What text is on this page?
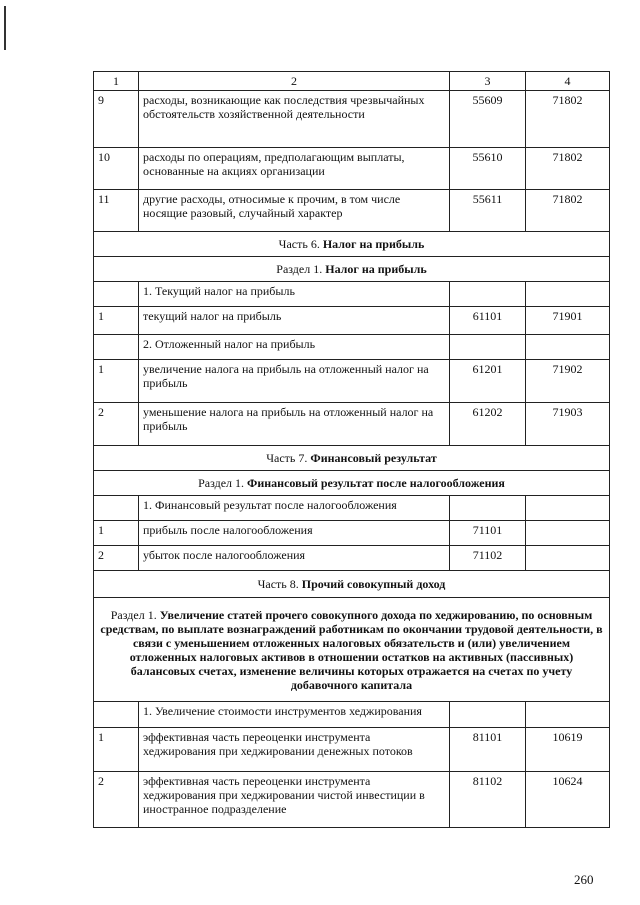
1	2	3	4
9	расходы, возникающие как последствия чрезвычайных обстоятельств хозяйственной деятельности	55609	71802
10	расходы по операциям, предполагающим выплаты, основанные на акциях организации	55610	71802
11	другие расходы, относимые к прочим, в том числе носящие разовый, случайный характер	55611	71802
Часть 6. Налог на прибыль			
Раздел 1. Налог на прибыль			
	1. Текущий налог на прибыль		
1	текущий налог на прибыль	61101	71901
	2. Отложенный налог на прибыль		
1	увеличение налога на прибыль на отложенный налог на прибыль	61201	71902
2	уменьшение налога на прибыль на отложенный налог на прибыль	61202	71903
Часть 7. Финансовый результат			
Раздел 1. Финансовый результат после налогообложения			
	1. Финансовый результат после налогообложения		
1	прибыль после налогообложения	71101	
2	убыток после налогообложения	71102	
Часть 8. Прочий совокупный доход			
Раздел 1. Увеличение статей прочего совокупного дохода по хеджированию, по основным средствам, по выплате вознаграждений работникам по окончании трудовой деятельности, в связи с уменьшением отложенных налоговых обязательств и (или) увеличением отложенных налоговых активов в отношении остатков на активных (пассивных) балансовых счетах, изменение величины которых отражается на счетах по учету добавочного капитала			
	1. Увеличение стоимости инструментов хеджирования		
1	эффективная часть переоценки инструмента хеджирования при хеджировании денежных потоков	81101	10619
2	эффективная часть переоценки инструмента хеджирования при хеджировании чистой инвестиции в иностранное подразделение	81102	10624
260
